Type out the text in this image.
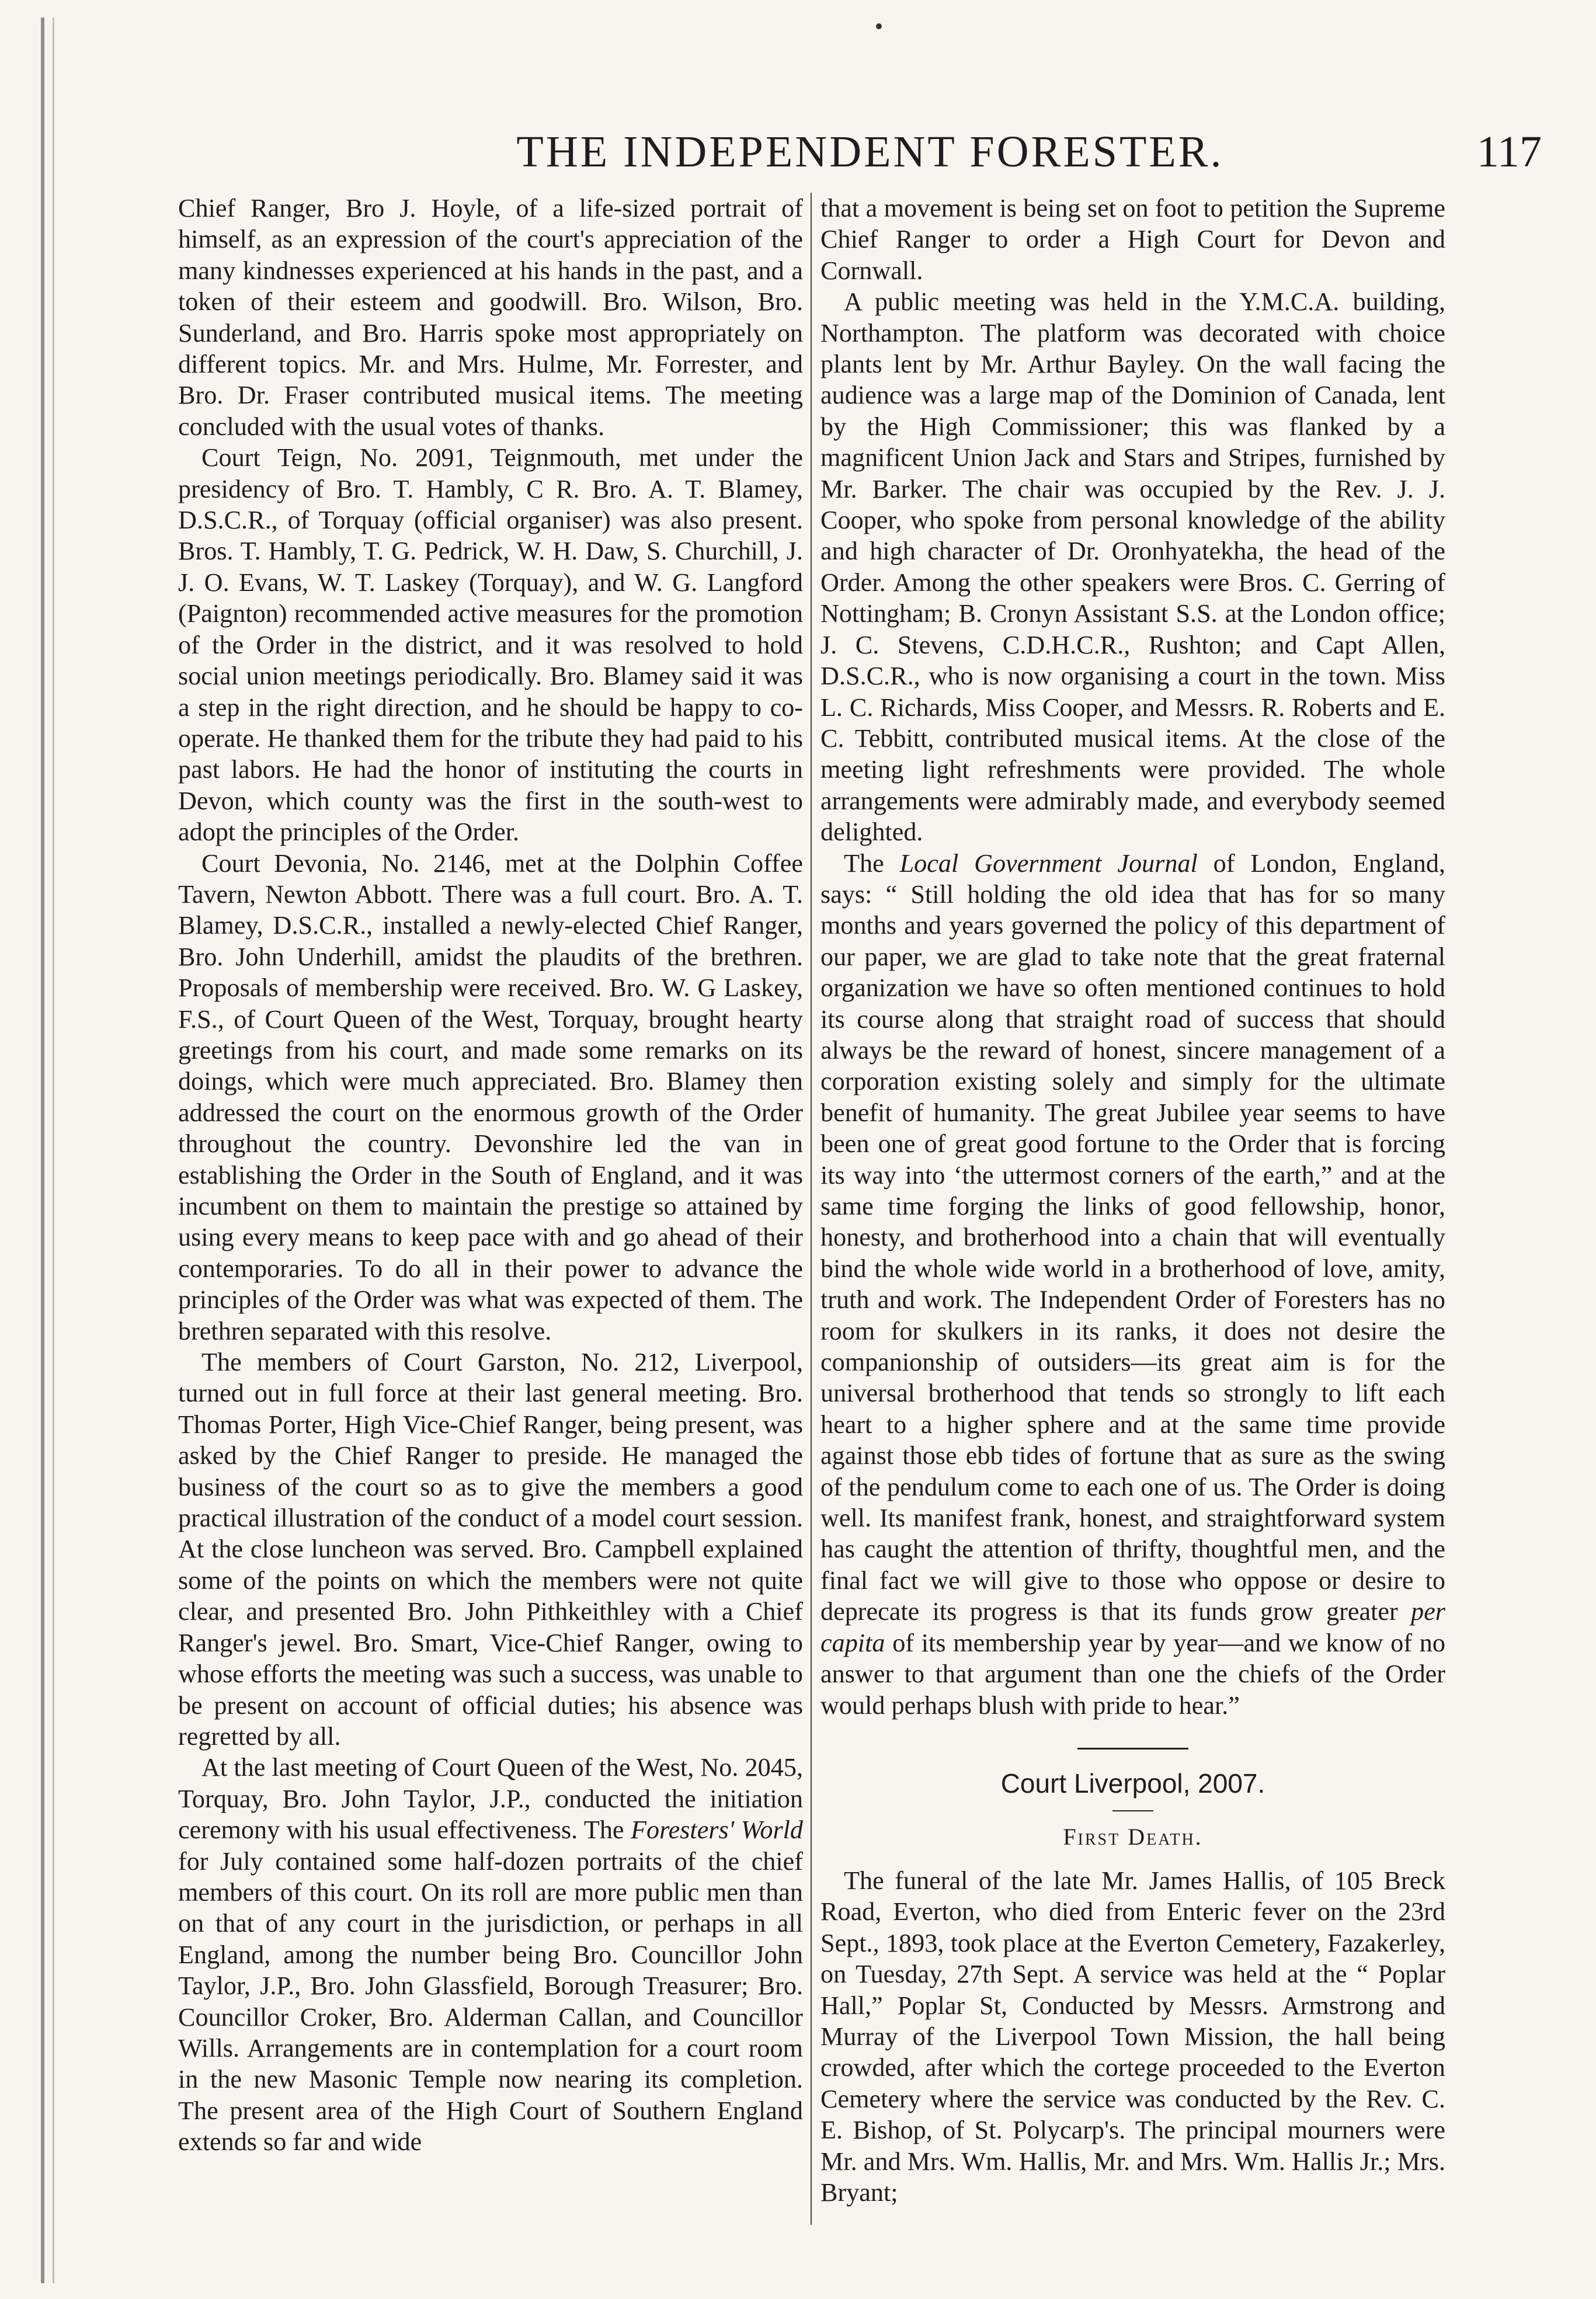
THE INDEPENDENT FORESTER.	117

Chief Ranger, Bro J. Hoyle, of a life-sized portrait of himself, as an expression of the court's appreciation of the many kindnesses experienced at his hands in the past, and a token of their esteem and goodwill. Bro. Wilson, Bro. Sunderland, and Bro. Harris spoke most appropriately on different topics. Mr. and Mrs. Hulme, Mr. Forrester, and Bro. Dr. Fraser contributed musical items. The meeting concluded with the usual votes of thanks.

Court Teign, No. 2091, Teignmouth, met under the presidency of Bro. T. Hambly, C R. Bro. A. T. Blamey, D.S.C.R., of Torquay (official organiser) was also present. Bros. T. Hambly, T. G. Pedrick, W. H. Daw, S. Churchill, J. J. O. Evans, W. T. Laskey (Torquay), and W. G. Langford (Paignton) recommended active measures for the promotion of the Order in the district, and it was resolved to hold social union meetings periodically. Bro. Blamey said it was a step in the right direction, and he should be happy to co-operate. He thanked them for the tribute they had paid to his past labors. He had the honor of instituting the courts in Devon, which county was the first in the south-west to adopt the principles of the Order.

Court Devonia, No. 2146, met at the Dolphin Coffee Tavern, Newton Abbott. There was a full court. Bro. A. T. Blamey, D.S.C.R., installed a newly-elected Chief Ranger, Bro. John Underhill, amidst the plaudits of the brethren. Proposals of membership were received. Bro. W. G Laskey, F.S., of Court Queen of the West, Torquay, brought hearty greetings from his court, and made some remarks on its doings, which were much appreciated. Bro. Blamey then addressed the court on the enormous growth of the Order throughout the country. Devonshire led the van in establishing the Order in the South of England, and it was incumbent on them to maintain the prestige so attained by using every means to keep pace with and go ahead of their contemporaries. To do all in their power to advance the principles of the Order was what was expected of them. The brethren separated with this resolve.

The members of Court Garston, No. 212, Liverpool, turned out in full force at their last general meeting. Bro. Thomas Porter, High Vice-Chief Ranger, being present, was asked by the Chief Ranger to preside. He managed the business of the court so as to give the members a good practical illustration of the conduct of a model court session. At the close luncheon was served. Bro. Campbell explained some of the points on which the members were not quite clear, and presented Bro. John Pithkeithley with a Chief Ranger's jewel. Bro. Smart, Vice-Chief Ranger, owing to whose efforts the meeting was such a success, was unable to be present on account of official duties; his absence was regretted by all.

At the last meeting of Court Queen of the West, No. 2045, Torquay, Bro. John Taylor, J.P., conducted the initiation ceremony with his usual effectiveness. The Foresters' World for July contained some half-dozen portraits of the chief members of this court. On its roll are more public men than on that of any court in the jurisdiction, or perhaps in all England, among the number being Bro. Councillor John Taylor, J.P., Bro. John Glassfield, Borough Treasurer; Bro. Councillor Croker, Bro. Alderman Callan, and Councillor Wills. Arrangements are in contemplation for a court room in the new Masonic Temple now nearing its completion. The present area of the High Court of Southern England extends so far and wide

that a movement is being set on foot to petition the Supreme Chief Ranger to order a High Court for Devon and Cornwall.

A public meeting was held in the Y.M.C.A. building, Northampton. The platform was decorated with choice plants lent by Mr. Arthur Bayley. On the wall facing the audience was a large map of the Dominion of Canada, lent by the High Commissioner; this was flanked by a magnificent Union Jack and Stars and Stripes, furnished by Mr. Barker. The chair was occupied by the Rev. J. J. Cooper, who spoke from personal knowledge of the ability and high character of Dr. Oronhyatekha, the head of the Order. Among the other speakers were Bros. C. Gerring of Nottingham; B. Cronyn Assistant S.S. at the London office; J. C. Stevens, C.D.H.C.R., Rushton; and Capt Allen, D.S.C.R., who is now organising a court in the town. Miss L. C. Richards, Miss Cooper, and Messrs. R. Roberts and E. C. Tebbitt, contributed musical items. At the close of the meeting light refreshments were provided. The whole arrangements were admirably made, and everybody seemed delighted.

The Local Government Journal of London, England, says: “ Still holding the old idea that has for so many months and years governed the policy of this department of our paper, we are glad to take note that the great fraternal organization we have so often mentioned continues to hold its course along that straight road of success that should always be the reward of honest, sincere management of a corporation existing solely and simply for the ultimate benefit of humanity. The great Jubilee year seems to have been one of great good fortune to the Order that is forcing its way into ‘the uttermost corners of the earth,” and at the same time forging the links of good fellowship, honor, honesty, and brotherhood into a chain that will eventually bind the whole wide world in a brotherhood of love, amity, truth and work. The Independent Order of Foresters has no room for skulkers in its ranks, it does not desire the companionship of outsiders—its great aim is for the universal brotherhood that tends so strongly to lift each heart to a higher sphere and at the same time provide against those ebb tides of fortune that as sure as the swing of the pendulum come to each one of us. The Order is doing well. Its manifest frank, honest, and straightforward system has caught the attention of thrifty, thoughtful men, and the final fact we will give to those who oppose or desire to deprecate its progress is that its funds grow greater per capita of its membership year by year—and we know of no answer to that argument than one the chiefs of the Order would perhaps blush with pride to hear.”

Court Liverpool, 2007.

First Death.

The funeral of the late Mr. James Hallis, of 105 Breck Road, Everton, who died from Enteric fever on the 23rd Sept., 1893, took place at the Everton Cemetery, Fazakerley, on Tuesday, 27th Sept. A service was held at the “ Poplar Hall,” Poplar St, Conducted by Messrs. Armstrong and Murray of the Liverpool Town Mission, the hall being crowded, after which the cortege proceeded to the Everton Cemetery where the service was conducted by the Rev. C. E. Bishop, of St. Polycarp's. The principal mourners were Mr. and Mrs. Wm. Hallis, Mr. and Mrs. Wm. Hallis Jr.; Mrs. Bryant;
